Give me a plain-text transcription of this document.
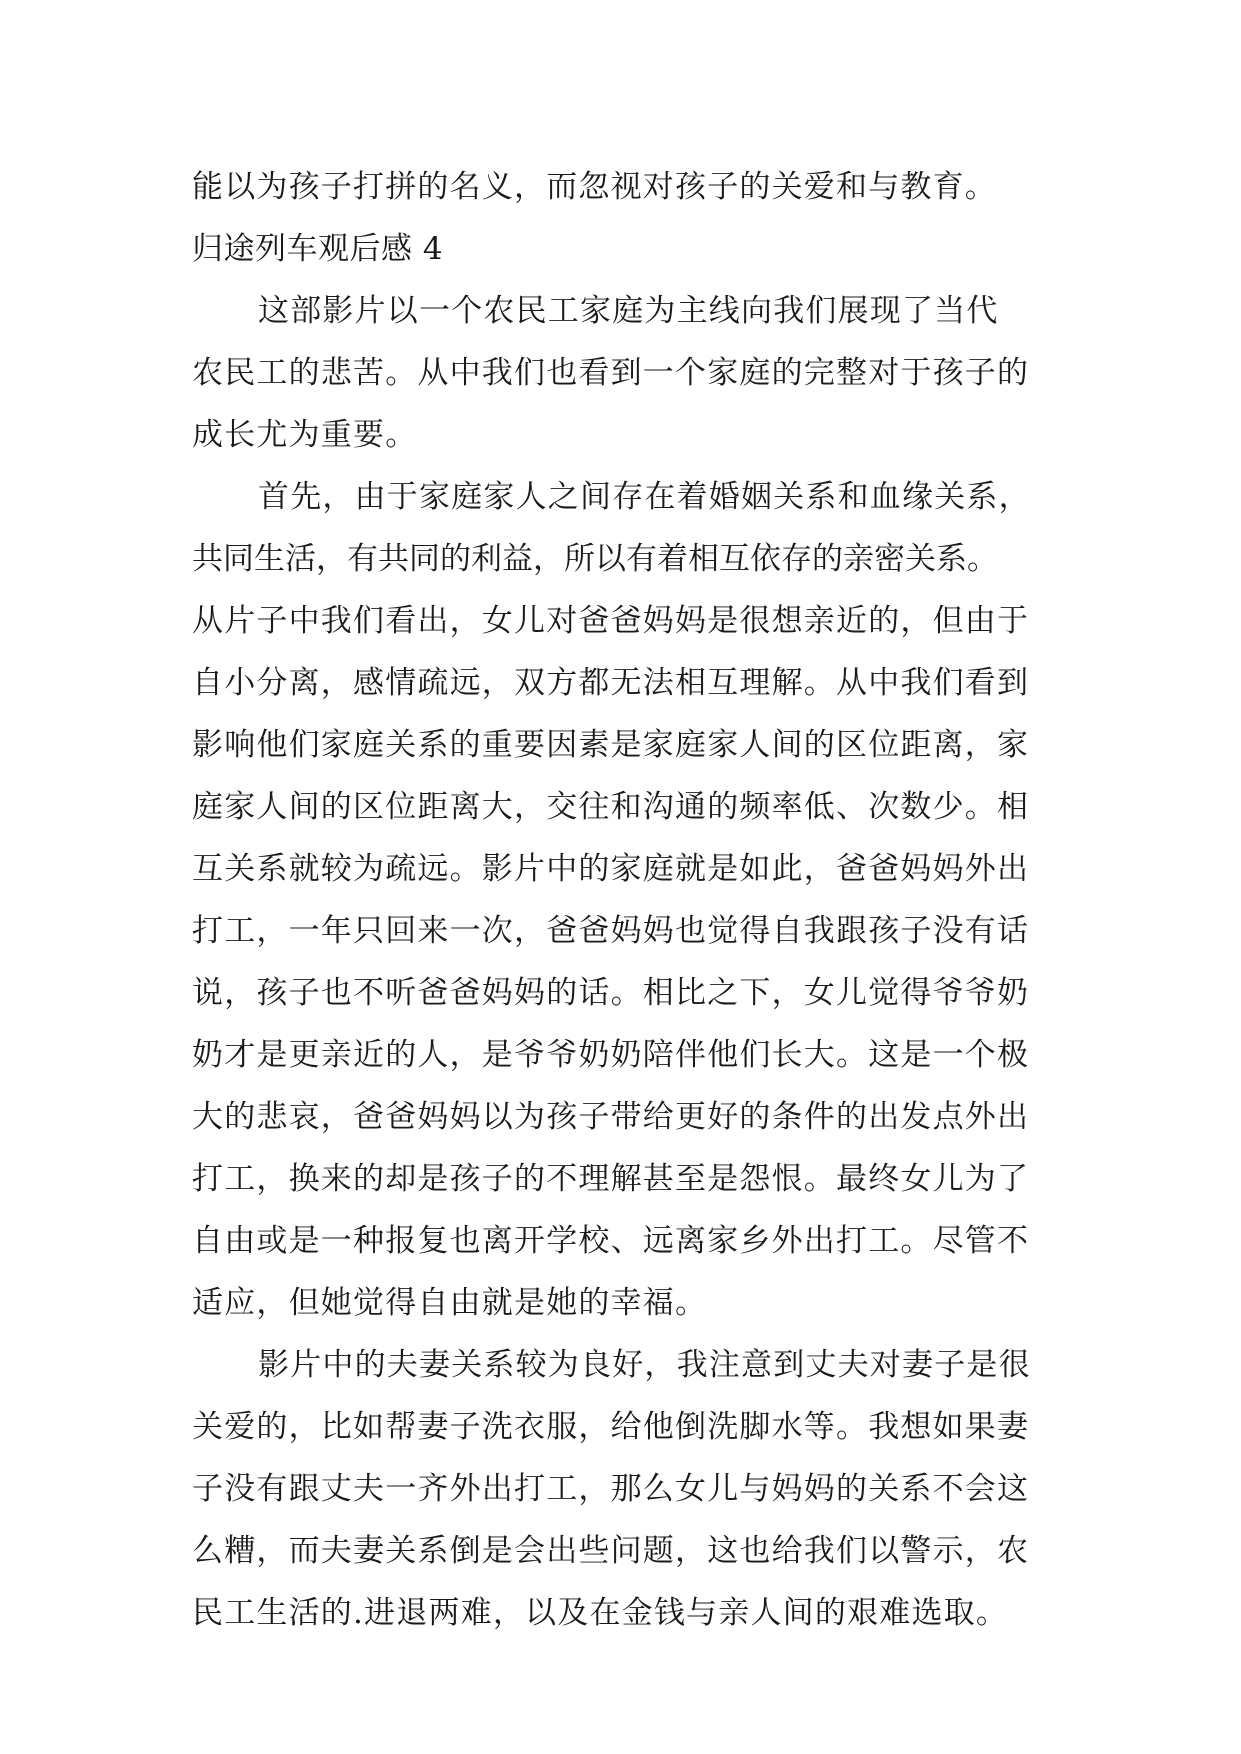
能以为孩子打拼的名义，而忽视对孩子的关爱和与教育。
归途列车观后感 4
这部影片以一个农民工家庭为主线向我们展现了当代
农民工的悲苦。从中我们也看到一个家庭的完整对于孩子的
成长尤为重要。
首先，由于家庭家人之间存在着婚姻关系和血缘关系，
共同生活，有共同的利益，所以有着相互依存的亲密关系。
从片子中我们看出，女儿对爸爸妈妈是很想亲近的，但由于
自小分离，感情疏远，双方都无法相互理解。从中我们看到
影响他们家庭关系的重要因素是家庭家人间的区位距离，家
庭家人间的区位距离大，交往和沟通的频率低、次数少。相
互关系就较为疏远。影片中的家庭就是如此，爸爸妈妈外出
打工，一年只回来一次，爸爸妈妈也觉得自我跟孩子没有话
说，孩子也不听爸爸妈妈的话。相比之下，女儿觉得爷爷奶
奶才是更亲近的人，是爷爷奶奶陪伴他们长大。这是一个极
大的悲哀，爸爸妈妈以为孩子带给更好的条件的出发点外出
打工，换来的却是孩子的不理解甚至是怨恨。最终女儿为了
自由或是一种报复也离开学校、远离家乡外出打工。尽管不
适应，但她觉得自由就是她的幸福。
影片中的夫妻关系较为良好，我注意到丈夫对妻子是很
关爱的，比如帮妻子洗衣服，给他倒洗脚水等。我想如果妻
子没有跟丈夫一齐外出打工，那么女儿与妈妈的关系不会这
么糟，而夫妻关系倒是会出些问题，这也给我们以警示，农
民工生活的.进退两难，以及在金钱与亲人间的艰难选取。
